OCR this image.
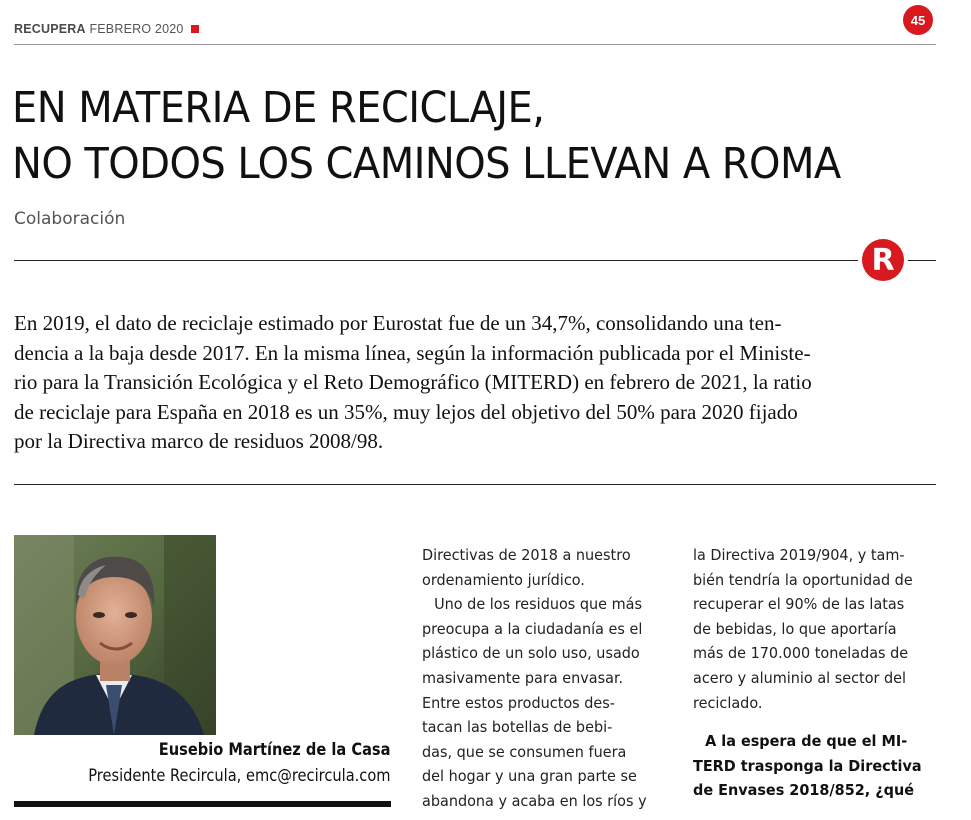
RECUPERA FEBRERO 2020
45
EN MATERIA DE RECICLAJE,
NO TODOS LOS CAMINOS LLEVAN A ROMA
Colaboración
R
En 2019, el dato de reciclaje estimado por Eurostat fue de un 34,7%, consolidando una ten-
dencia a la baja desde 2017. En la misma línea, según la información publicada por el Ministe-
rio para la Transición Ecológica y el Reto Demográfico (MITERD) en febrero de 2021, la ratio
de reciclaje para España en 2018 es un 35%, muy lejos del objetivo del 50% para 2020 fijado
por la Directiva marco de residuos 2008/98.
Eusebio Martínez de la Casa
Presidente Recircula, emc@recircula.com
Directivas de 2018 a nuestro
ordenamiento jurídico.
Uno de los residuos que más
preocupa a la ciudadanía es el
plástico de un solo uso, usado
masivamente para envasar.
Entre estos productos des-
tacan las botellas de bebi-
das, que se consumen fuera
del hogar y una gran parte se
abandona y acaba en los ríos y
la Directiva 2019/904, y tam-
bién tendría la oportunidad de
recuperar el 90% de las latas
de bebidas, lo que aportaría
más de 170.000 toneladas de
acero y aluminio al sector del
reciclado.
A la espera de que el MI-
TERD trasponga la Directiva
de Envases 2018/852, ¿qué
